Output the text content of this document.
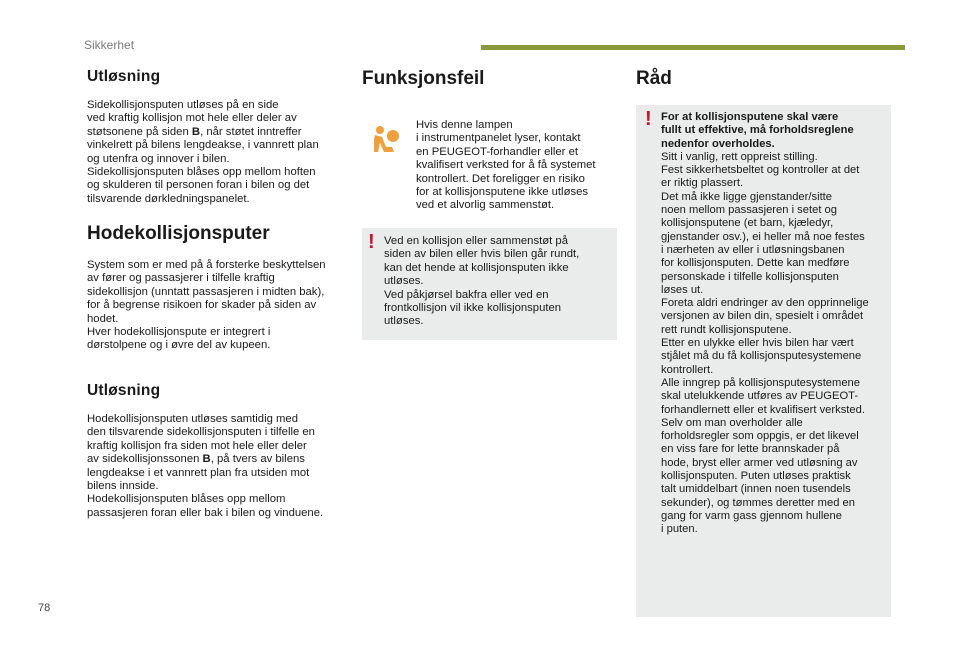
Sikkerhet
Utløsning

Sidekollisjonsputen utløses på en side
ved kraftig kollisjon mot hele eller deler av
støtsonene på siden B, når støtet inntreffer
vinkelrett på bilens lengdeakse, i vannrett plan
og utenfra og innover i bilen.
Sidekollisjonsputen blåses opp mellom hoften
og skulderen til personen foran i bilen og det
tilsvarende dørkledningspanelet.

Hodekollisjonsputer

System som er med på å forsterke beskyttelsen
av fører og passasjerer i tilfelle kraftig
sidekollisjon (unntatt passasjeren i midten bak),
for å begrense risikoen for skader på siden av
hodet.
Hver hodekollisjonspute er integrert i
dørstolpene og i øvre del av kupeen.

Utløsning

Hodekollisjonsputen utløses samtidig med
den tilsvarende sidekollisjonsputen i tilfelle en
kraftig kollisjon fra siden mot hele eller deler
av sidekollisjonssonen B, på tvers av bilens
lengdeakse i et vannrett plan fra utsiden mot
bilens innside.
Hodekollisjonsputen blåses opp mellom
passasjeren foran eller bak i bilen og vinduene.

Funksjonsfeil

Hvis denne lampen
i instrumentpanelet lyser, kontakt
en PEUGEOT-forhandler eller et
kvalifisert verksted for å få systemet
kontrollert. Det foreligger en risiko
for at kollisjonsputene ikke utløses
ved et alvorlig sammenstøt.

! Ved en kollisjon eller sammenstøt på
siden av bilen eller hvis bilen går rundt,
kan det hende at kollisjonsputen ikke
utløses.
Ved påkjørsel bakfra eller ved en
frontkollisjon vil ikke kollisjonsputen
utløses.

Råd
! For at kollisjonsputene skal være
fullt ut effektive, må forholdsreglene
nedenfor overholdes.

Sitt i vanlig, rett oppreist stilling.
Fest sikkerhetsbeltet og kontroller at det
er riktig plassert.
Det må ikke ligge gjenstander/sitte
noen mellom passasjeren i setet og
kollisjonsputene (et barn, kjæledyr,
gjenstander osv.), ei heller må noe festes
i nærheten av eller i utløsningsbanen
for kollisjonsputen. Dette kan medføre
personskade i tilfelle kollisjonsputen
løses ut.
Foreta aldri endringer av den opprinnelige
versjonen av bilen din, spesielt i området
rett rundt kollisjonsputene.
Etter en ulykke eller hvis bilen har vært
stjålet må du få kollisjonsputesystemene
kontrollert.
Alle inngrep på kollisjonsputesystemene
skal utelukkende utføres av PEUGEOT-
forhandlernett eller et kvalifisert verksted.
Selv om man overholder alle
forholdsregler som oppgis, er det likevel
en viss fare for lette brannskader på
hode, bryst eller armer ved utløsning av
kollisjonsputen. Puten utløses praktisk
talt umiddelbart (innen noen tusendels
sekunder), og tømmes deretter med en
gang for varm gass gjennom hullene
i puten.

78
